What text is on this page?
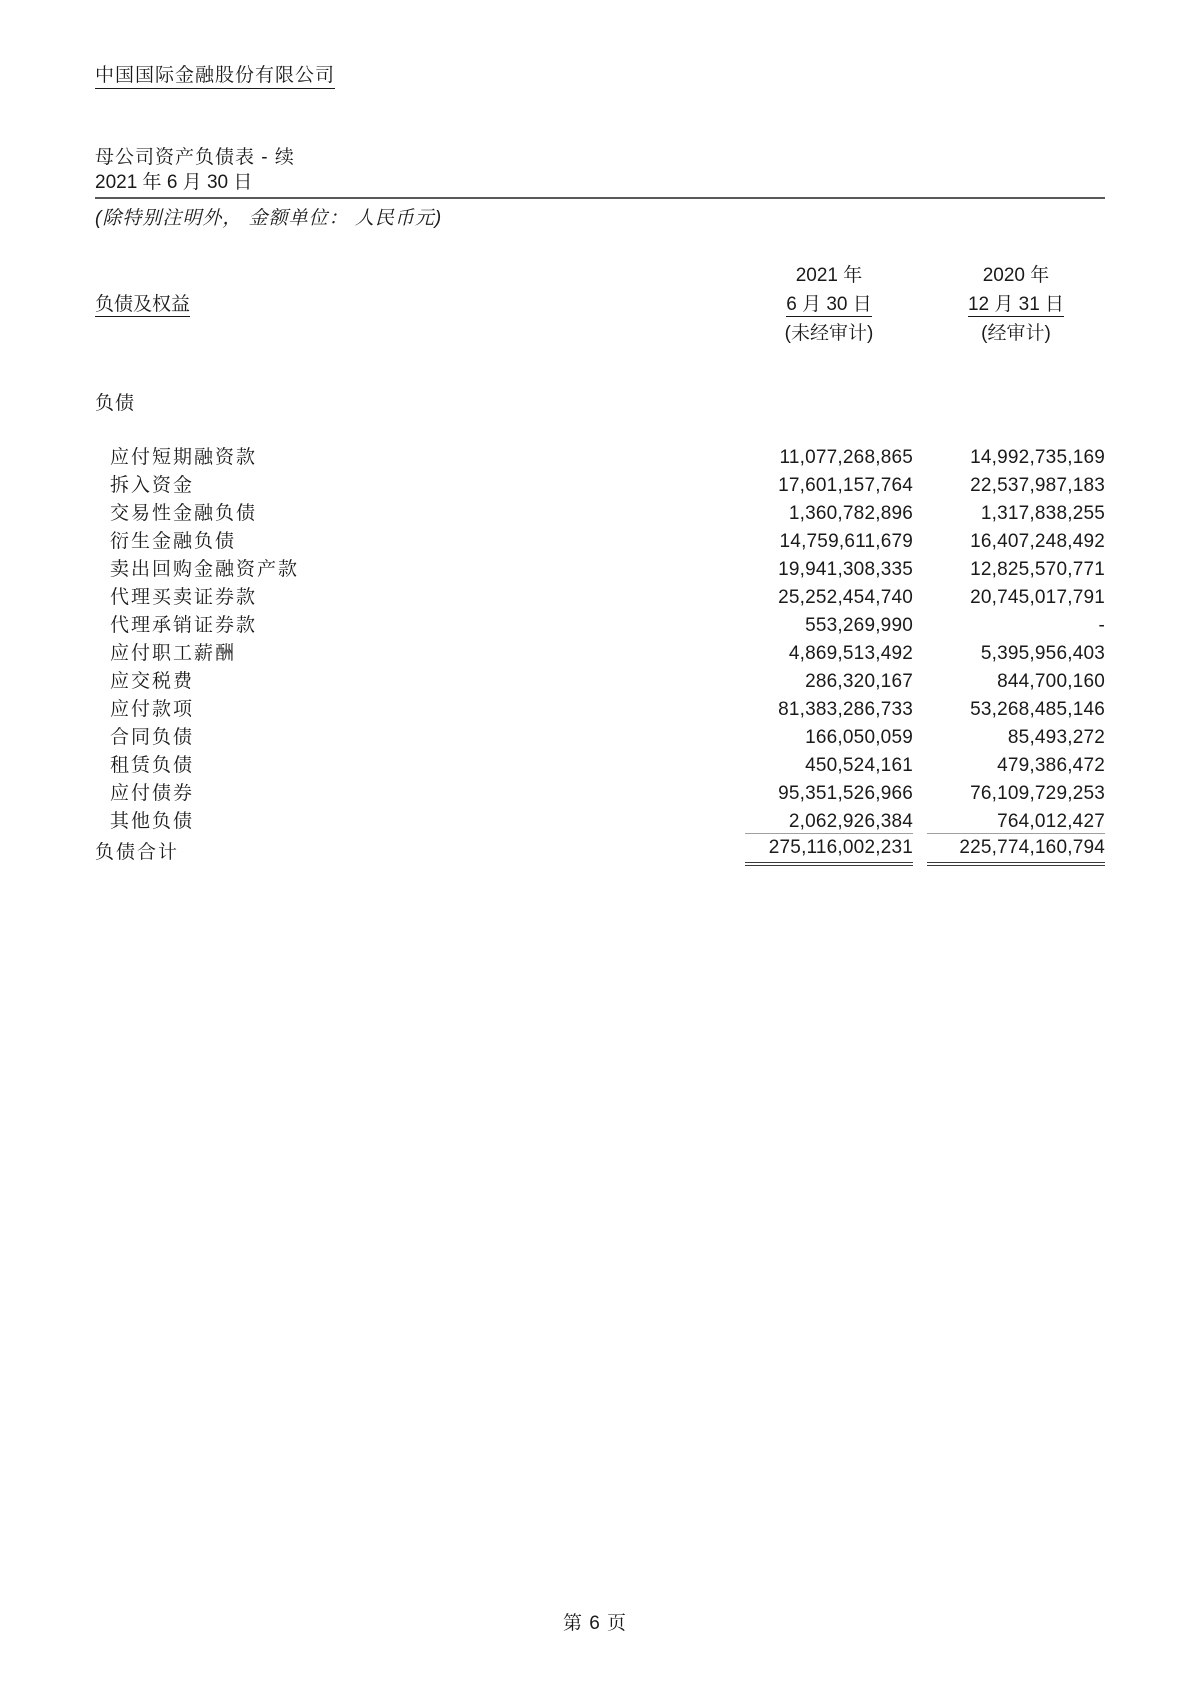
中国国际金融股份有限公司
母公司资产负债表 - 续
2021 年 6 月 30 日
(除特别注明外， 金额单位： 人民币元)
	2021 年		2020 年
负债及权益	6 月 30 日		12 月 31 日
	(未经审计)		(经审计)

负债			

应付短期融资款	11,077,268,865		14,992,735,169
拆入资金	17,601,157,764		22,537,987,183
交易性金融负债	1,360,782,896		1,317,838,255
衍生金融负债	14,759,611,679		16,407,248,492
卖出回购金融资产款	19,941,308,335		12,825,570,771
代理买卖证券款	25,252,454,740		20,745,017,791
代理承销证券款	553,269,990		-
应付职工薪酬	4,869,513,492		5,395,956,403
应交税费	286,320,167		844,700,160
应付款项	81,383,286,733		53,268,485,146
合同负债	166,050,059		85,493,272
租赁负债	450,524,161		479,386,472
应付债券	95,351,526,966		76,109,729,253
其他负债	2,062,926,384		764,012,427
负债合计	275,116,002,231		225,774,160,794
第 6 页
